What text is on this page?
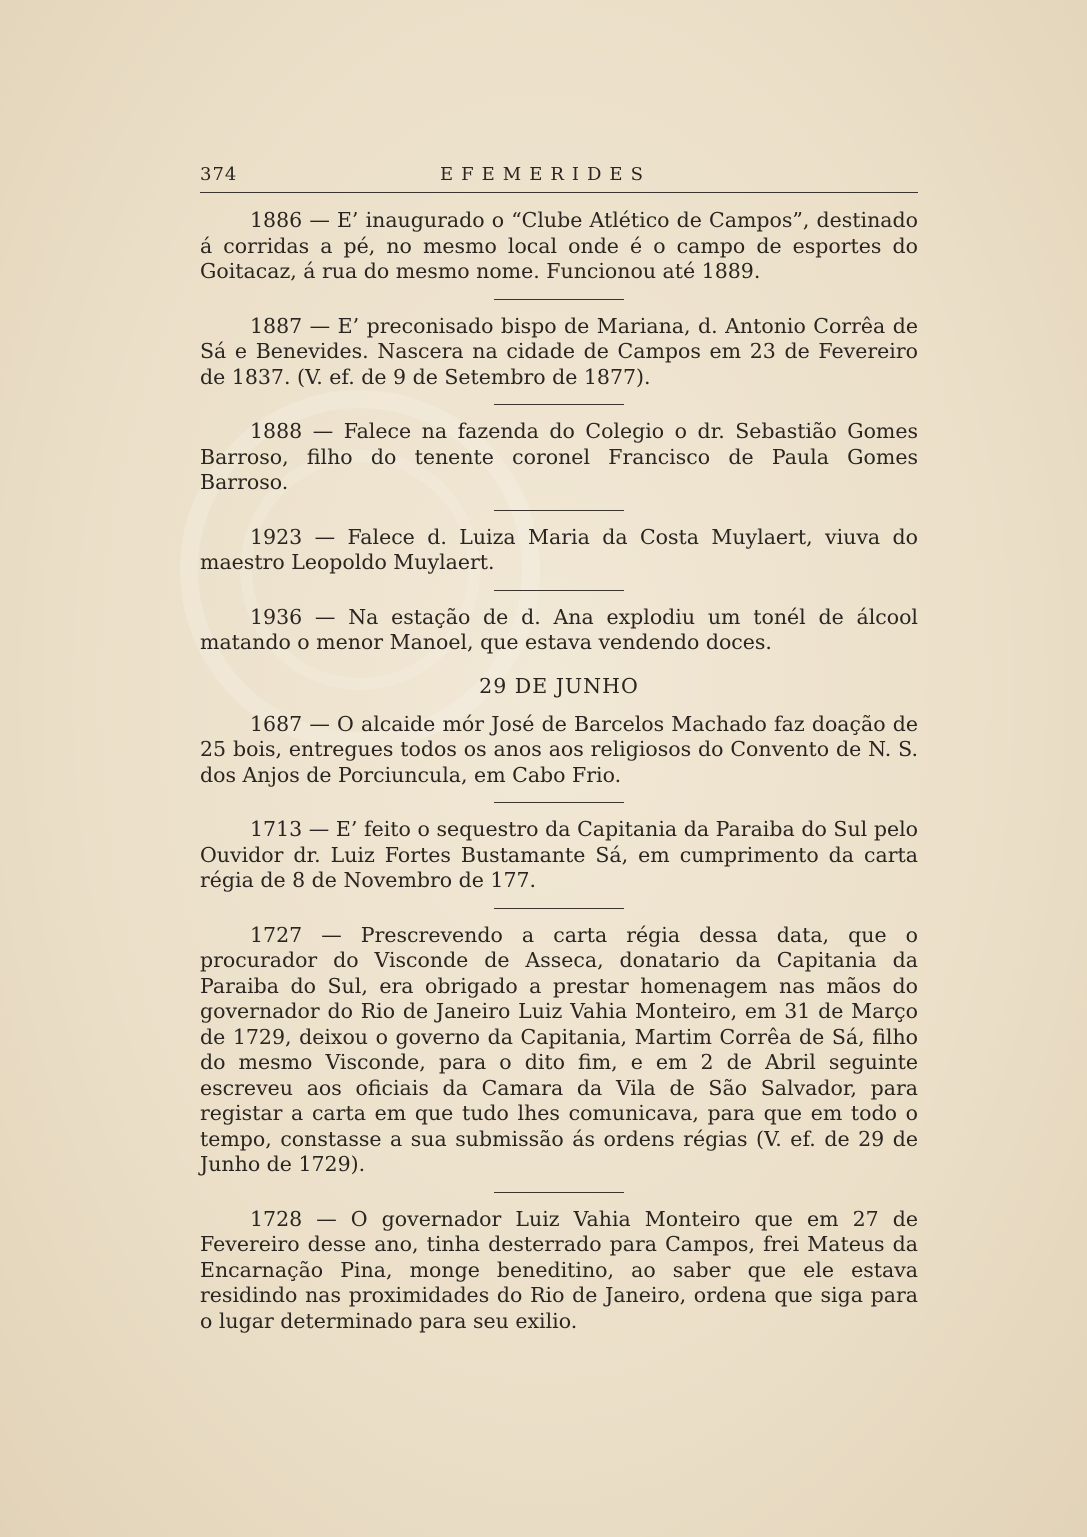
374	EFEMERIDES

1886 — E’ inaugurado o “Clube Atlético de Campos”, destinado á corridas a pé, no mesmo local onde é o campo de esportes do Goitacaz, á rua do mesmo nome. Funcionou até 1889.

1887 — E’ preconisado bispo de Mariana, d. Antonio Corrêa de Sá e Benevides. Nascera na cidade de Campos em 23 de Fevereiro de 1837. (V. ef. de 9 de Setembro de 1877).

1888 — Falece na fazenda do Colegio o dr. Sebastião Gomes Barroso, filho do tenente coronel Francisco de Paula Gomes Barroso.

1923 — Falece d. Luiza Maria da Costa Muylaert, viuva do maestro Leopoldo Muylaert.

1936 — Na estação de d. Ana explodiu um tonél de álcool matando o menor Manoel, que estava vendendo doces.

29 DE JUNHO

1687 — O alcaide mór José de Barcelos Machado faz doação de 25 bois, entregues todos os anos aos religiosos do Convento de N. S. dos Anjos de Porciuncula, em Cabo Frio.

1713 — E’ feito o sequestro da Capitania da Paraiba do Sul pelo Ouvidor dr. Luiz Fortes Bustamante Sá, em cumprimento da carta régia de 8 de Novembro de 177.

1727 — Prescrevendo a carta régia dessa data, que o procurador do Visconde de Asseca, donatario da Capitania da Paraiba do Sul, era obrigado a prestar homenagem nas mãos do governador do Rio de Janeiro Luiz Vahia Monteiro, em 31 de Março de 1729, deixou o governo da Capitania, Martim Corrêa de Sá, filho do mesmo Visconde, para o dito fim, e em 2 de Abril seguinte escreveu aos oficiais da Camara da Vila de São Salvador, para registar a carta em que tudo lhes comunicava, para que em todo o tempo, constasse a sua submissão ás ordens régias (V. ef. de 29 de Junho de 1729).

1728 — O governador Luiz Vahia Monteiro que em 27 de Fevereiro desse ano, tinha desterrado para Campos, frei Mateus da Encarnação Pina, monge beneditino, ao saber que ele estava residindo nas proximidades do Rio de Janeiro, ordena que siga para o lugar determinado para seu exilio.
